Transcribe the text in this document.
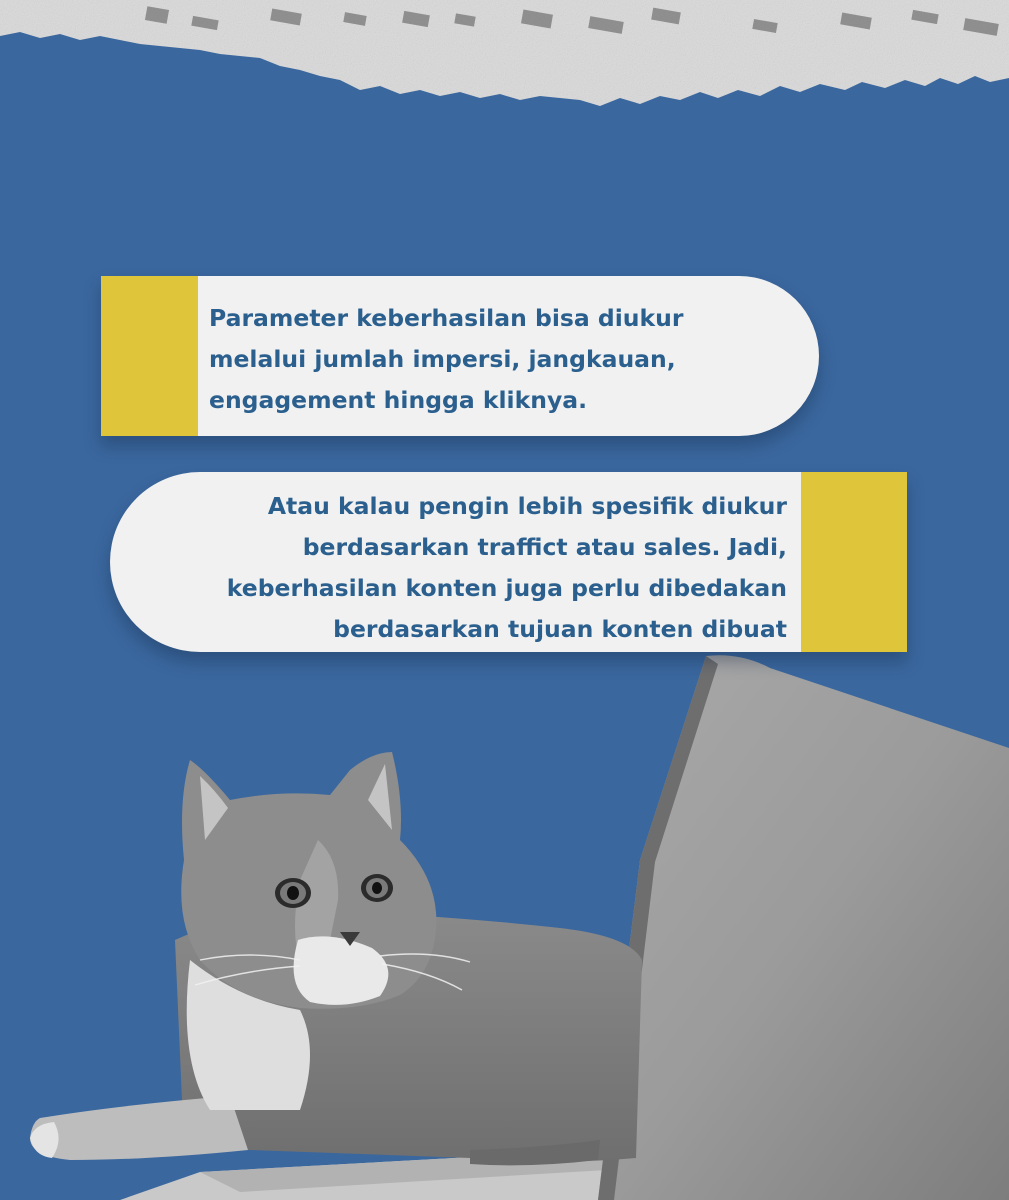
Parameter keberhasilan bisa diukur
melalui jumlah impersi, jangkauan,
engagement hingga kliknya.

Atau kalau pengin lebih spesifik diukur
berdasarkan traffict atau sales. Jadi,
keberhasilan konten juga perlu dibedakan
berdasarkan tujuan konten dibuat
